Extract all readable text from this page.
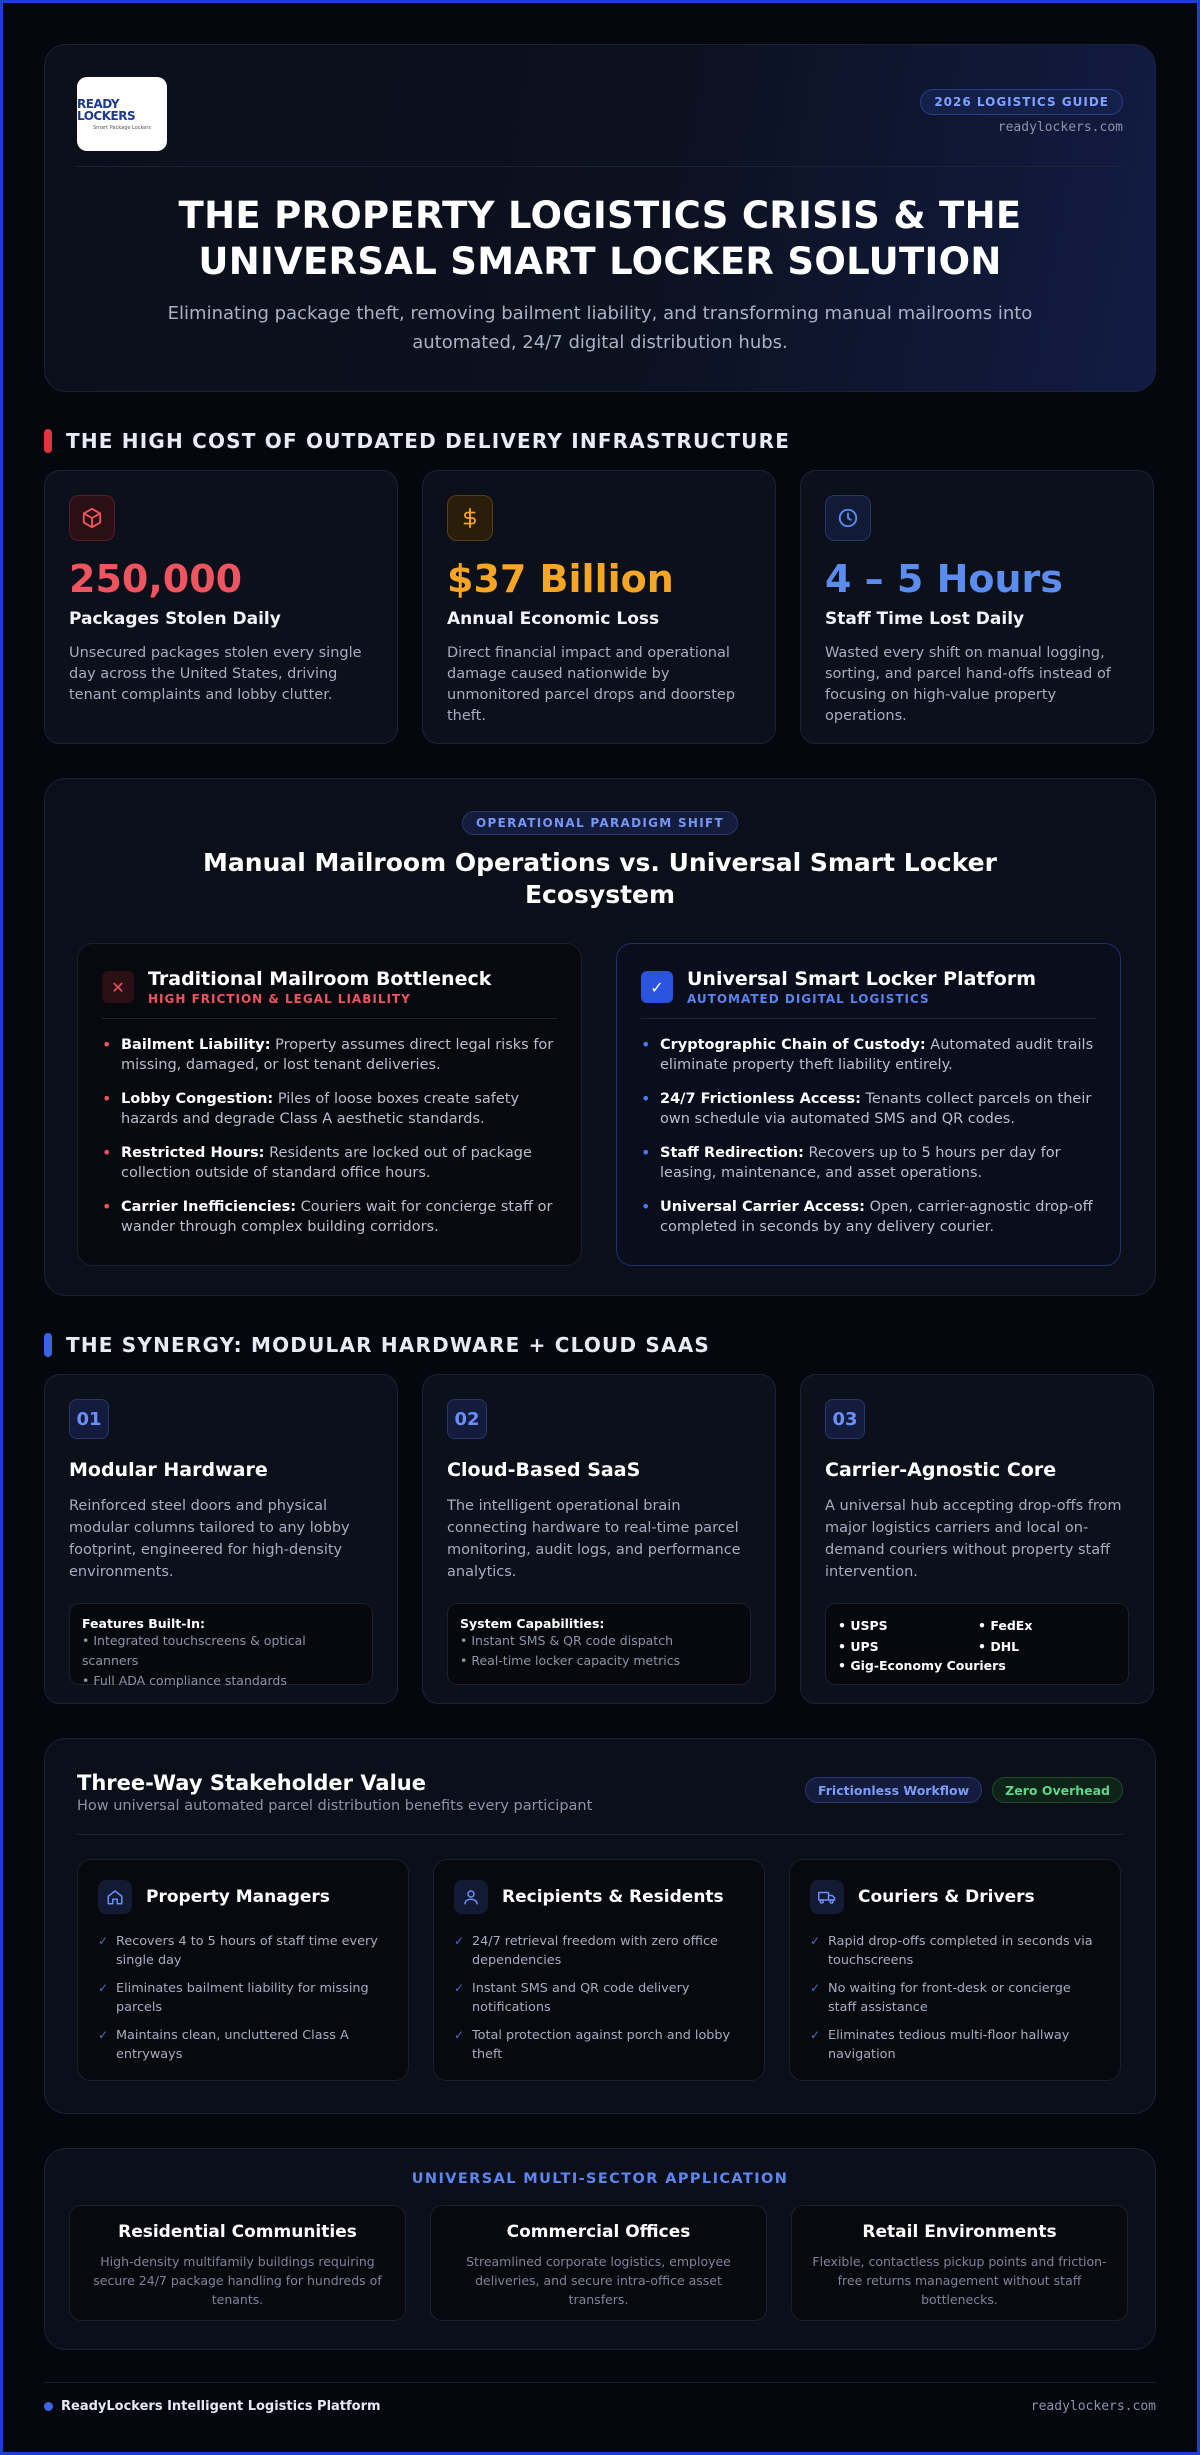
READY LOCKERS
Smart Package Lockers
2026 LOGISTICS GUIDE
readylockers.com
THE PROPERTY LOGISTICS CRISIS & THE
UNIVERSAL SMART LOCKER SOLUTION
Eliminating package theft, removing bailment liability, and transforming manual mailrooms into automated, 24/7 digital distribution hubs.
THE HIGH COST OF OUTDATED DELIVERY INFRASTRUCTURE
250,000
Packages Stolen Daily
Unsecured packages stolen every single day across the United States, driving tenant complaints and lobby clutter.
$37 Billion
Annual Economic Loss
Direct financial impact and operational damage caused nationwide by unmonitored parcel drops and doorstep theft.
4 – 5 Hours
Staff Time Lost Daily
Wasted every shift on manual logging, sorting, and parcel hand-offs instead of focusing on high-value property operations.
OPERATIONAL PARADIGM SHIFT
Manual Mailroom Operations vs. Universal Smart Locker
Ecosystem
✕	Traditional Mailroom Bottleneck
HIGH FRICTION & LEGAL LIABILITY
• Bailment Liability: Property assumes direct legal risks for missing, damaged, or lost tenant deliveries.
• Lobby Congestion: Piles of loose boxes create safety hazards and degrade Class A aesthetic standards.
• Restricted Hours: Residents are locked out of package collection outside of standard office hours.
• Carrier Inefficiencies: Couriers wait for concierge staff or wander through complex building corridors.
✓	Universal Smart Locker Platform
AUTOMATED DIGITAL LOGISTICS
• Cryptographic Chain of Custody: Automated audit trails eliminate property theft liability entirely.
• 24/7 Frictionless Access: Tenants collect parcels on their own schedule via automated SMS and QR codes.
• Staff Redirection: Recovers up to 5 hours per day for leasing, maintenance, and asset operations.
• Universal Carrier Access: Open, carrier-agnostic drop-off completed in seconds by any delivery courier.
THE SYNERGY: MODULAR HARDWARE + CLOUD SAAS
01
Modular Hardware
Reinforced steel doors and physical modular columns tailored to any lobby footprint, engineered for high-density environments.
Features Built-In:
• Integrated touchscreens & optical scanners
• Full ADA compliance standards
02
Cloud-Based SaaS
The intelligent operational brain connecting hardware to real-time parcel monitoring, audit logs, and performance analytics.
System Capabilities:
• Instant SMS & QR code dispatch
• Real-time locker capacity metrics
03
Carrier-Agnostic Core
A universal hub accepting drop-offs from major logistics carriers and local on-demand couriers without property staff intervention.
• USPS	• FedEx
• UPS	• DHL
• Gig-Economy Couriers
Three-Way Stakeholder Value
How universal automated parcel distribution benefits every participant
Frictionless Workflow	Zero Overhead
Property Managers
✓ Recovers 4 to 5 hours of staff time every single day
✓ Eliminates bailment liability for missing parcels
✓ Maintains clean, uncluttered Class A entryways
Recipients & Residents
✓ 24/7 retrieval freedom with zero office dependencies
✓ Instant SMS and QR code delivery notifications
✓ Total protection against porch and lobby theft
Couriers & Drivers
✓ Rapid drop-offs completed in seconds via touchscreens
✓ No waiting for front-desk or concierge staff assistance
✓ Eliminates tedious multi-floor hallway navigation
UNIVERSAL MULTI-SECTOR APPLICATION
Residential Communities
High-density multifamily buildings requiring secure 24/7 package handling for hundreds of tenants.
Commercial Offices
Streamlined corporate logistics, employee deliveries, and secure intra-office asset transfers.
Retail Environments
Flexible, contactless pickup points and friction-free returns management without staff bottlenecks.
ReadyLockers Intelligent Logistics Platform	readylockers.com
